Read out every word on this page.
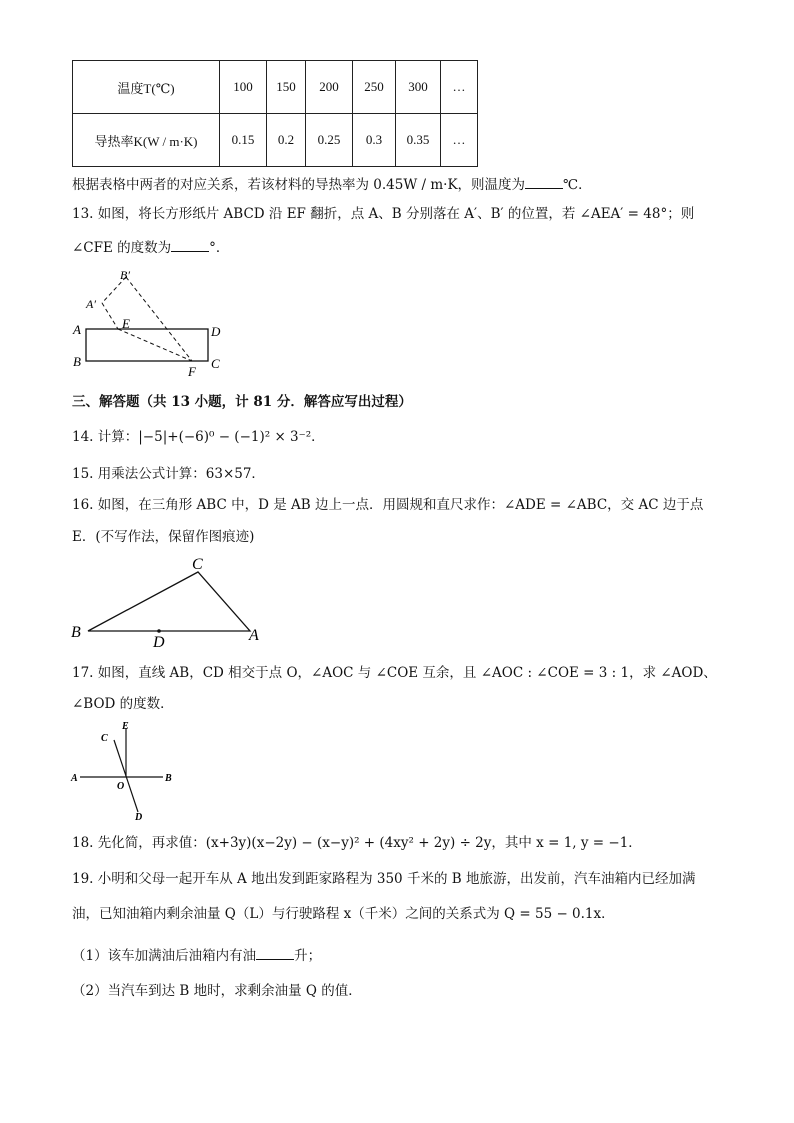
温度T(℃)	100	150	200	250	300	…
导热率K(W / m·K)	0.15	0.2	0.25	0.3	0.35	…
根据表格中两者的对应关系，若该材料的导热率为 0.45W / m·K，则温度为	℃．
13. 如图，将长方形纸片 ABCD 沿 EF 翻折，点 A、B 分别落在 A′、B′ 的位置，若 ∠AEA′ = 48°；则
∠CFE 的度数为	°．
B′
A′
A	E
D
B
F
C
三、解答题（共 13 小题，计 81 分．解答应写出过程）
14. 计算：|−5|+(−6)⁰ − (−1)² × 3⁻²．
15. 用乘法公式计算：63×57．
16. 如图，在三角形 ABC 中，D 是 AB 边上一点．用圆规和直尺求作：∠ADE = ∠ABC，交 AC 边于点
E．(不写作法，保留作图痕迹)
C
B
D	A
17. 如图，直线 AB，CD 相交于点 O，∠AOC 与 ∠COE 互余，且 ∠AOC : ∠COE = 3 : 1，求 ∠AOD、
∠BOD 的度数．
E
C
A
O
B
D
18. 先化简，再求值：(x+3y)(x−2y) − (x−y)² + (4xy² + 2y) ÷ 2y，其中 x = 1, y = −1．
19. 小明和父母一起开车从 A 地出发到距家路程为 350 千米的 B 地旅游，出发前，汽车油箱内已经加满
油，已知油箱内剩余油量 Q（L）与行驶路程 x（千米）之间的关系式为 Q = 55 − 0.1x．
（1）该车加满油后油箱内有油	升；
（2）当汽车到达 B 地时，求剩余油量 Q 的值．
